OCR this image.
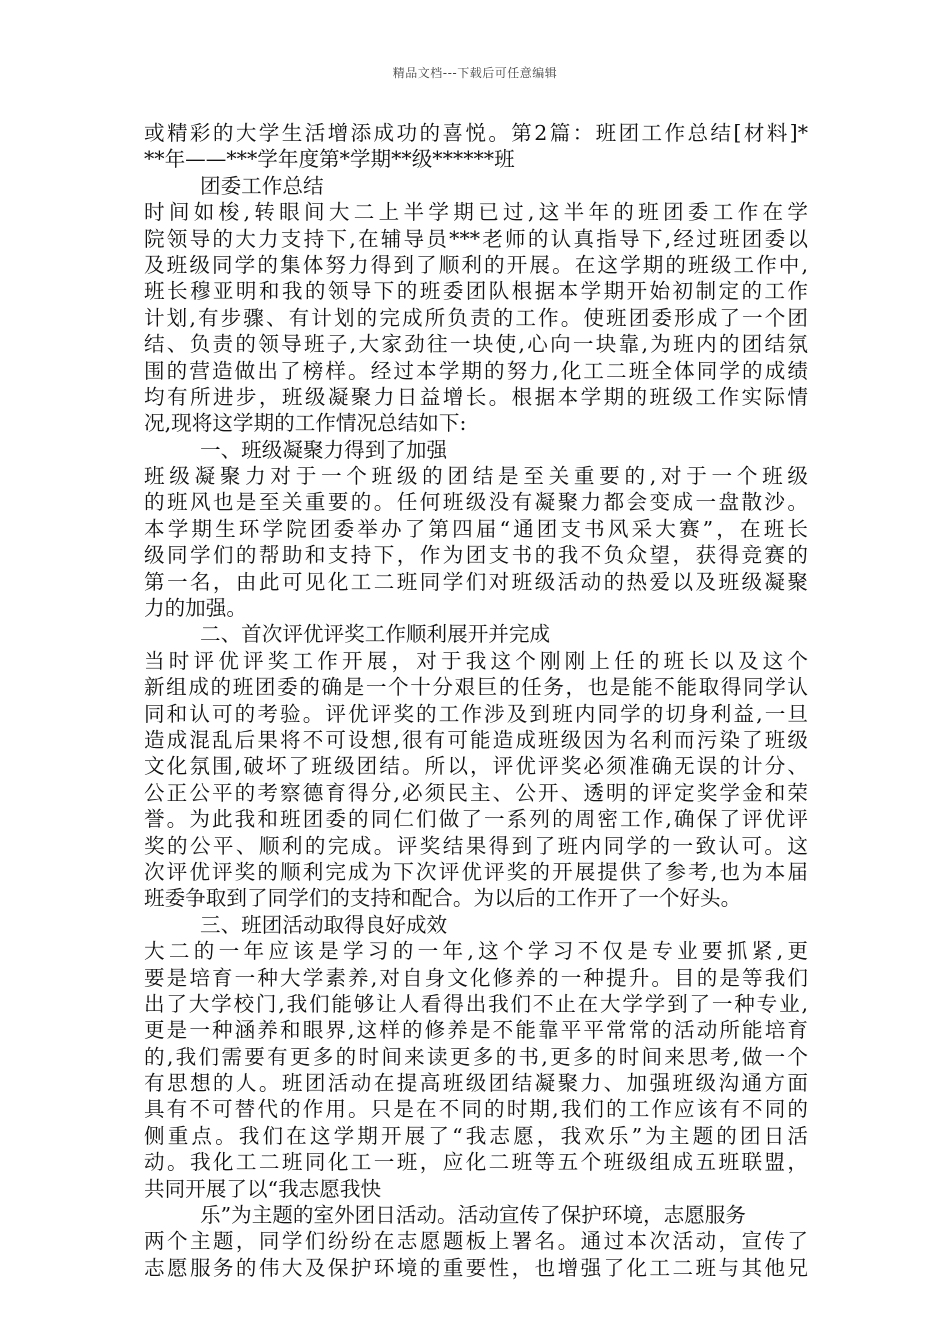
精品文档---下载后可任意编辑
或精彩的大学生活增添成功的喜悦。第2篇：班团工作总结[材料]*
**年——***学年度第*学期**级******班
团委工作总结
时间如梭,转眼间大二上半学期已过,这半年的班团委工作在学
院领导的大力支持下,在辅导员***老师的认真指导下,经过班团委以
及班级同学的集体努力得到了顺利的开展。在这学期的班级工作中,
班长穆亚明和我的领导下的班委团队根据本学期开始初制定的工作
计划,有步骤、有计划的完成所负责的工作。使班团委形成了一个团
结、负责的领导班子,大家劲往一块使,心向一块靠,为班内的团结氛
围的营造做出了榜样。经过本学期的努力,化工二班全体同学的成绩
均有所进步，班级凝聚力日益增长。根据本学期的班级工作实际情
况,现将这学期的工作情况总结如下:
一、班级凝聚力得到了加强
班级凝聚力对于一个班级的团结是至关重要的,对于一个班级
的班风也是至关重要的。任何班级没有凝聚力都会变成一盘散沙。
本学期生环学院团委举办了第四届“通团支书风采大赛”，在班长
级同学们的帮助和支持下，作为团支书的我不负众望，获得竞赛的
第一名，由此可见化工二班同学们对班级活动的热爱以及班级凝聚
力的加强。
二、首次评优评奖工作顺利展开并完成
当时评优评奖工作开展，对于我这个刚刚上任的班长以及这个
新组成的班团委的确是一个十分艰巨的任务，也是能不能取得同学认
同和认可的考验。评优评奖的工作涉及到班内同学的切身利益,一旦
造成混乱后果将不可设想,很有可能造成班级因为名利而污染了班级
文化氛围,破坏了班级团结。所以，评优评奖必须准确无误的计分、
公正公平的考察德育得分,必须民主、公开、透明的评定奖学金和荣
誉。为此我和班团委的同仁们做了一系列的周密工作,确保了评优评
奖的公平、顺利的完成。评奖结果得到了班内同学的一致认可。这
次评优评奖的顺利完成为下次评优评奖的开展提供了参考,也为本届
班委争取到了同学们的支持和配合。为以后的工作开了一个好头。
三、班团活动取得良好成效
大二的一年应该是学习的一年,这个学习不仅是专业要抓紧,更
要是培育一种大学素养,对自身文化修养的一种提升。目的是等我们
出了大学校门,我们能够让人看得出我们不止在大学学到了一种专业,
更是一种涵养和眼界,这样的修养是不能靠平平常常的活动所能培育
的,我们需要有更多的时间来读更多的书,更多的时间来思考,做一个
有思想的人。班团活动在提高班级团结凝聚力、加强班级沟通方面
具有不可替代的作用。只是在不同的时期,我们的工作应该有不同的
侧重点。我们在这学期开展了“我志愿，我欢乐”为主题的团日活
动。我化工二班同化工一班，应化二班等五个班级组成五班联盟，
共同开展了以“我志愿我快
乐”为主题的室外团日活动。活动宣传了保护环境，志愿服务
两个主题，同学们纷纷在志愿题板上署名。通过本次活动，宣传了
志愿服务的伟大及保护环境的重要性，也增强了化工二班与其他兄
